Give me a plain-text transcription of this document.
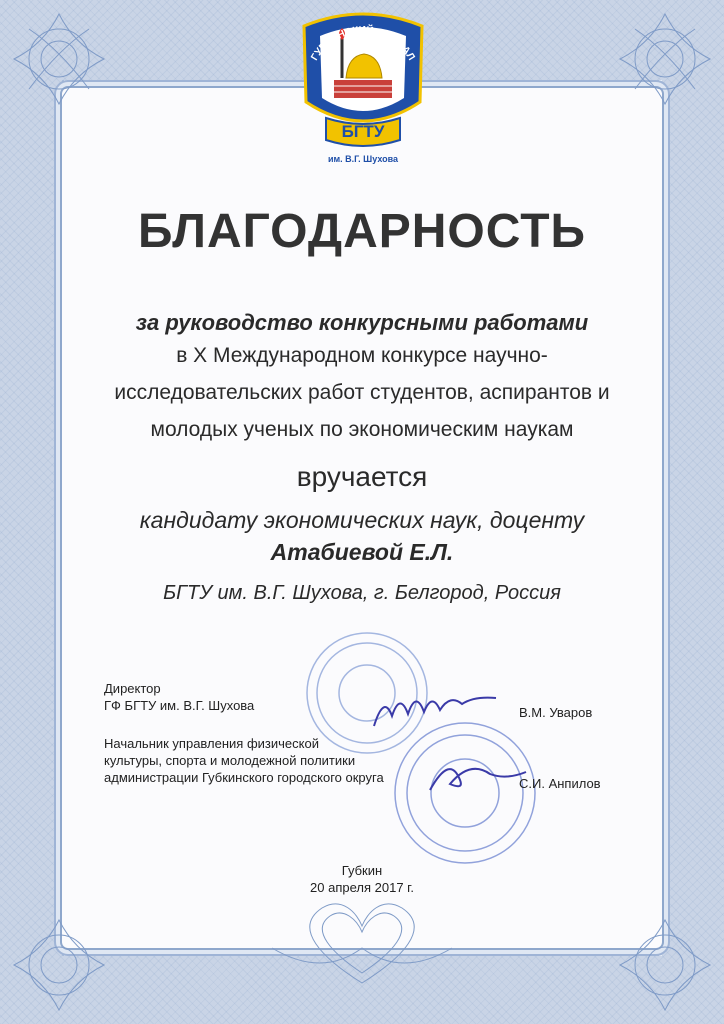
ГУБКИНСКИЙ ФИЛИАЛ
БГТУ
им. В.Г. Шухова
БЛАГОДАРНОСТЬ
за руководство конкурсными работами
в X Международном конкурсе научно-
исследовательских работ студентов, аспирантов и
молодых ученых по экономическим наукам
вручается
кандидату экономических наук, доценту
Атабиевой Е.Л.
БГТУ им. В.Г. Шухова, г. Белгород, Россия
Директор
ГФ БГТУ им. В.Г. Шухова	В.М. Уваров
Начальник управления физической
культуры, спорта и молодежной политики
администрации Губкинского городского округа	С.И. Анпилов
Губкин
20 апреля 2017 г.
